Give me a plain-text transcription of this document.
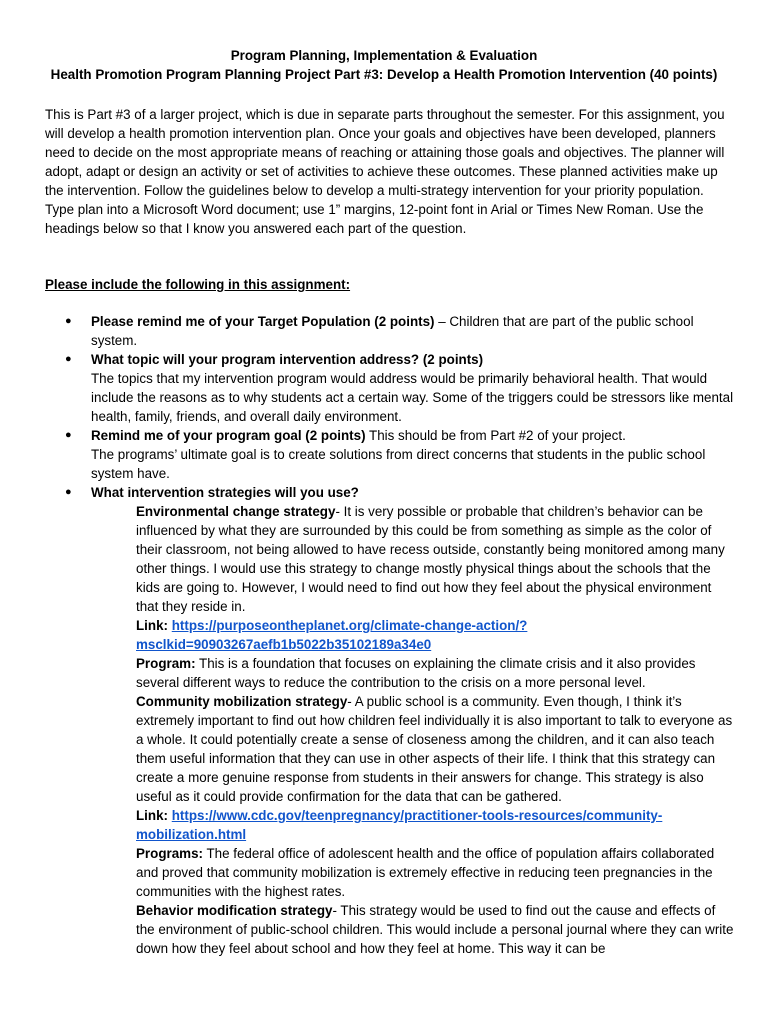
Program Planning, Implementation & Evaluation

Health Promotion Program Planning Project Part #3: Develop a Health Promotion Intervention (40 points)

This is Part #3 of a larger project, which is due in separate parts throughout the semester. For this assignment, you will develop a health promotion intervention plan. Once your goals and objectives have been developed, planners need to decide on the most appropriate means of reaching or attaining those goals and objectives. The planner will adopt, adapt or design an activity or set of activities to achieve these outcomes. These planned activities make up the intervention. Follow the guidelines below to develop a multi-strategy intervention for your priority population. Type plan into a Microsoft Word document; use 1” margins, 12-point font in Arial or Times New Roman. Use the headings below so that I know you answered each part of the question.

Please include the following in this assignment:

● Please remind me of your Target Population (2 points) – Children that are part of the public school system.
● What topic will your program intervention address? (2 points)
The topics that my intervention program would address would be primarily behavioral health. That would include the reasons as to why students act a certain way. Some of the triggers could be stressors like mental health, family, friends, and overall daily environment.
● Remind me of your program goal (2 points) This should be from Part #2 of your project.
The programs’ ultimate goal is to create solutions from direct concerns that students in the public school system have.
● What intervention strategies will you use?

Environmental change strategy- It is very possible or probable that children’s behavior can be influenced by what they are surrounded by this could be from something as simple as the color of their classroom, not being allowed to have recess outside, constantly being monitored among many other things. I would use this strategy to change mostly physical things about the schools that the kids are going to. However, I would need to find out how they feel about the physical environment that they reside in.

Link: https://purposeontheplanet.org/climate-change-action/?msclkid=90903267aefb1b5022b35102189a34e0

Program: This is a foundation that focuses on explaining the climate crisis and it also provides several different ways to reduce the contribution to the crisis on a more personal level.

Community mobilization strategy- A public school is a community. Even though, I think it’s extremely important to find out how children feel individually it is also important to talk to everyone as a whole. It could potentially create a sense of closeness among the children, and it can also teach them useful information that they can use in other aspects of their life. I think that this strategy can create a more genuine response from students in their answers for change. This strategy is also useful as it could provide confirmation for the data that can be gathered.

Link: https://www.cdc.gov/teenpregnancy/practitioner-tools-resources/community-mobilization.html

Programs: The federal office of adolescent health and the office of population affairs collaborated and proved that community mobilization is extremely effective in reducing teen pregnancies in the communities with the highest rates.

Behavior modification strategy- This strategy would be used to find out the cause and effects of the environment of public-school children. This would include a personal journal where they can write down how they feel about school and how they feel at home. This way it can be
